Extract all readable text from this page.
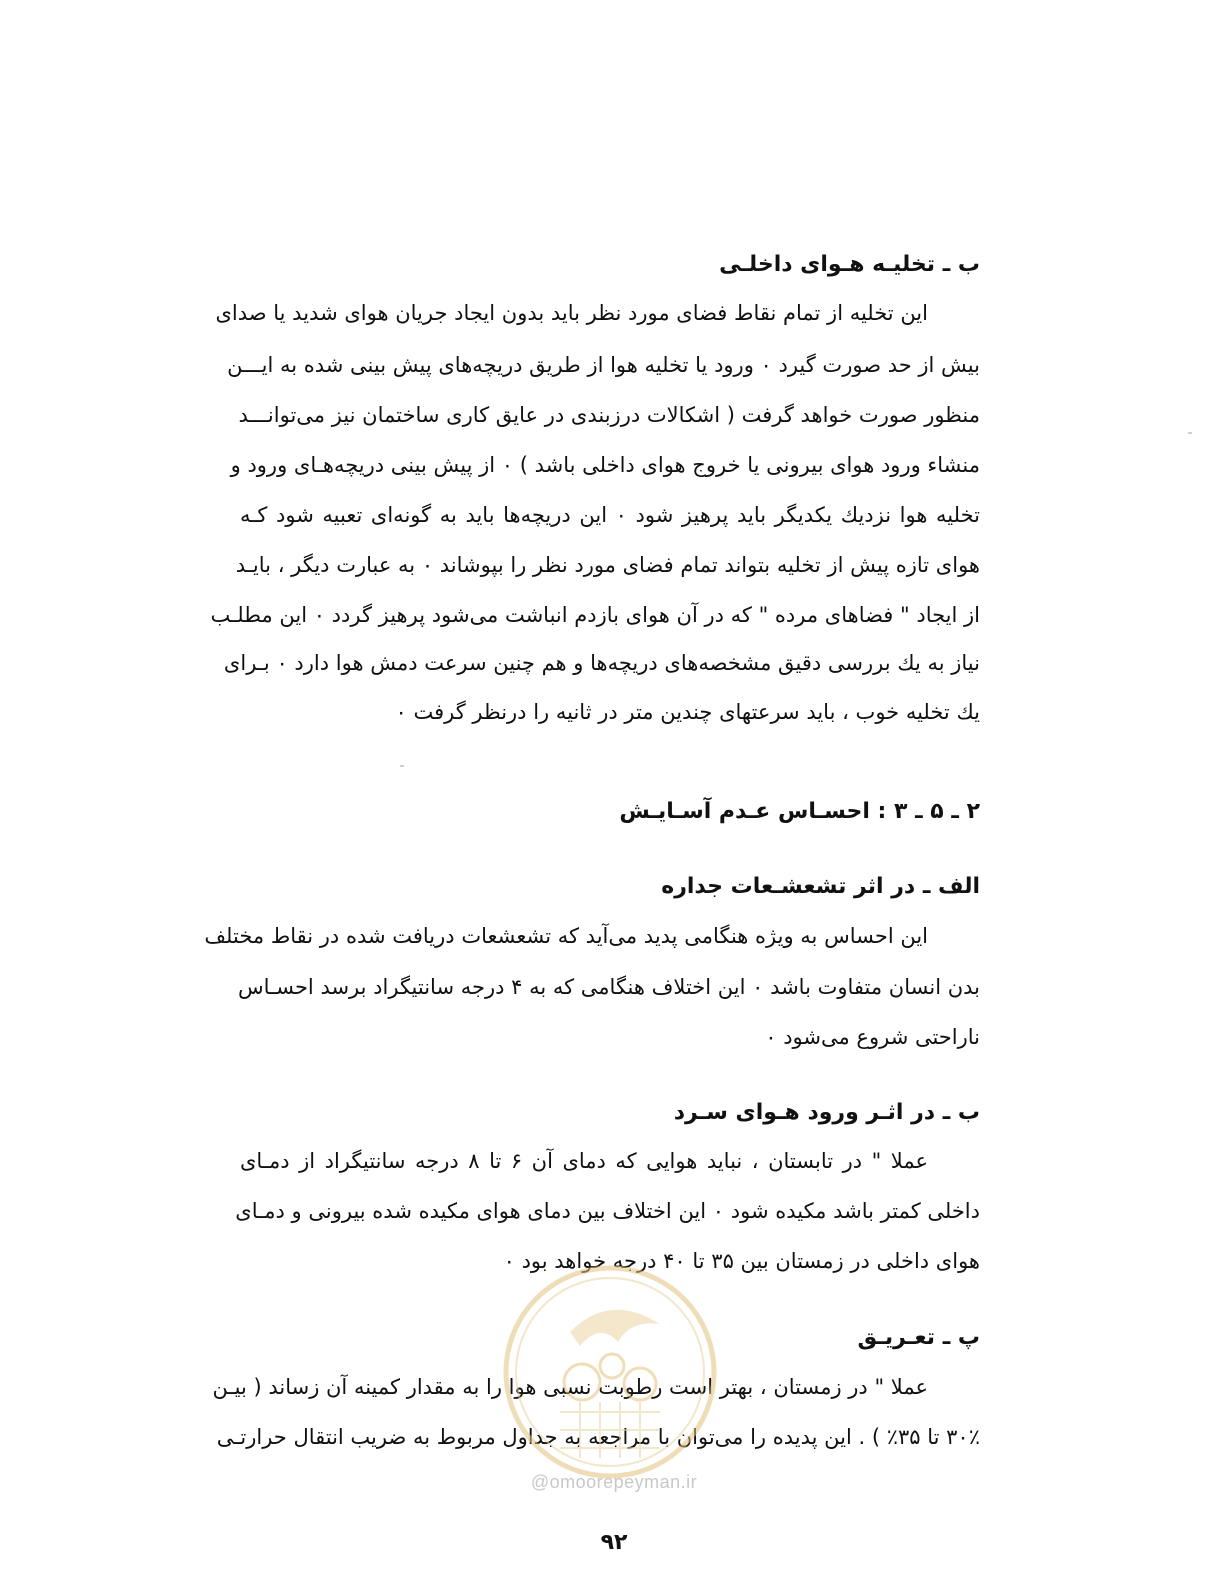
ب ـ تخلیـه هـوای داخلـی
این تخلیه از تمام نقاط فضای مورد نظر باید بدون ایجاد جریان هوای شدید یا صدای
بیش از حد صورت گیرد ۰ ورود یا تخلیه هوا از طریق دریچه‌های پیش بینی شده به ایـــن
منظور صورت خواهد گرفت ( اشکالات درزبندی در عایق کاری ساختمان نیز می‌توانـــد
منشاء ورود هوای بیرونی یا خروج هوای داخلی باشد ) ۰ از پیش بینی دریچه‌هـای ورود و
تخلیه هوا نزدیك یکدیگر باید پرهیز شود ۰ این دریچه‌ها باید به گونه‌ای تعبیه شود کـه
هوای تازه پیش از تخلیه بتواند تمام فضای مورد نظر را بپوشاند ۰ به عبارت دیگر ، بایـد
از ایجاد " فضاهای مرده " که در آن هوای بازدم انباشت می‌شود پرهیز گردد ۰ این مطلـب
نیاز به یك بررسی دقیق مشخصه‌های دریچه‌ها و هم چنین سرعت دمش هوا دارد ۰ بـرای
یك تخلیه خوب ، باید سرعتهای چندین متر در ثانیه را درنظر گرفت ۰
۲ ـ ۵ ـ ۳ : احسـاس عـدم آسـایـش
الف ـ در اثر تشعشـعات جداره
این احساس به ویژه هنگامی پدید می‌آید که تشعشعات دریافت شده در نقاط مختلف
بدن انسان متفاوت باشد ۰ این اختلاف هنگامی که به ۴ درجه سانتیگراد برسد احسـاس
ناراحتی شروع می‌شود ۰
ب ـ در اثـر ورود هـوای سـرد
عملا " در تابستان ، نباید هوایی که دمای آن ۶ تا ۸ درجه سانتیگراد از دمـای
داخلی کمتر باشد مکیده شود ۰ این اختلاف بین دمای هوای مکیده شده بیرونی و دمـای
هوای داخلی در زمستان بین ۳۵ تا ۴۰ درجه خواهد بود ۰
پ ـ تعـریـق
عملا " در زمستان ، بهتر است رطوبت نسبی هوا را به مقدار کمینه آن زساند ( بیـن
۳۰٪ تا ۳۵٪ ) . این پدیده را می‌توان با مراجعه به جداول مربوط به ضریب انتقال حرارتـی
@omoorepeyman.ir
۹۲
